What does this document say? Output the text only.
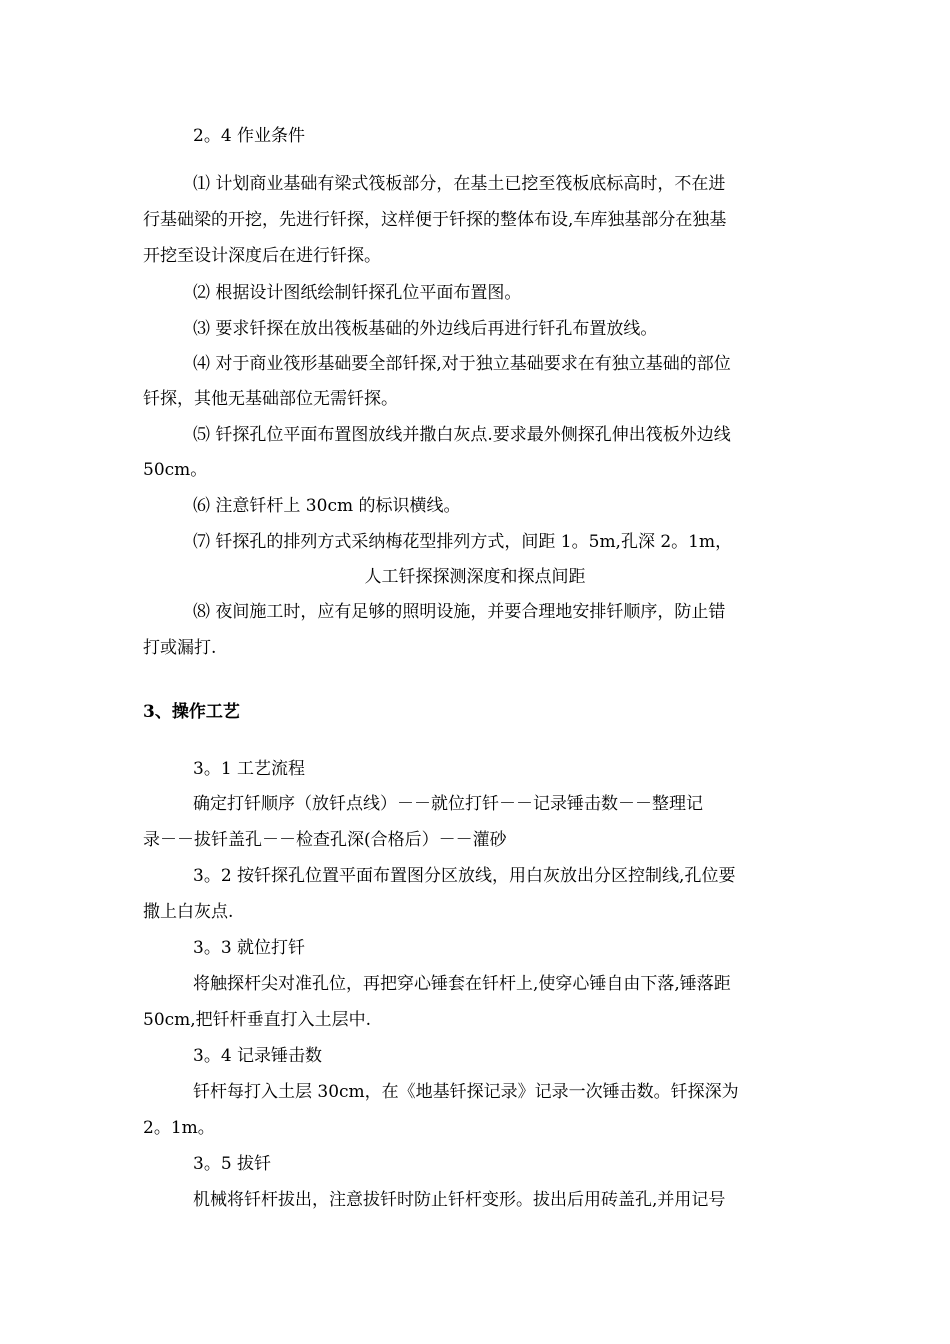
2。4 作业条件
⑴ 计划商业基础有梁式筏板部分，在基土已挖至筏板底标高时，不在进
行基础梁的开挖，先进行钎探，这样便于钎探的整体布设,车库独基部分在独基
开挖至设计深度后在进行钎探。
⑵ 根据设计图纸绘制钎探孔位平面布置图。
⑶ 要求钎探在放出筏板基础的外边线后再进行钎孔布置放线。
⑷ 对于商业筏形基础要全部钎探,对于独立基础要求在有独立基础的部位
钎探，其他无基础部位无需钎探。
⑸ 钎探孔位平面布置图放线并撒白灰点.要求最外侧探孔伸出筏板外边线
50cm。
⑹ 注意钎杆上 30cm 的标识横线。
⑺ 钎探孔的排列方式采纳梅花型排列方式，间距 1。5m,孔深 2。1m，
人工钎探探测深度和探点间距
⑻ 夜间施工时，应有足够的照明设施，并要合理地安排钎顺序，防止错
打或漏打.
3、操作工艺
3。1 工艺流程
确定打钎顺序（放钎点线）－－就位打钎－－记录锤击数－－整理记
录－－拔钎盖孔－－检查孔深(合格后）－－灌砂
3。2 按钎探孔位置平面布置图分区放线，用白灰放出分区控制线,孔位要
撒上白灰点.
3。3 就位打钎
将触探杆尖对准孔位，再把穿心锤套在钎杆上,使穿心锤自由下落,锤落距
50cm,把钎杆垂直打入土层中.
3。4 记录锤击数
钎杆每打入土层 30cm，在《地基钎探记录》记录一次锤击数。钎探深为
2。1m。
3。5 拔钎
机械将钎杆拔出，注意拔钎时防止钎杆变形。拔出后用砖盖孔,并用记号
